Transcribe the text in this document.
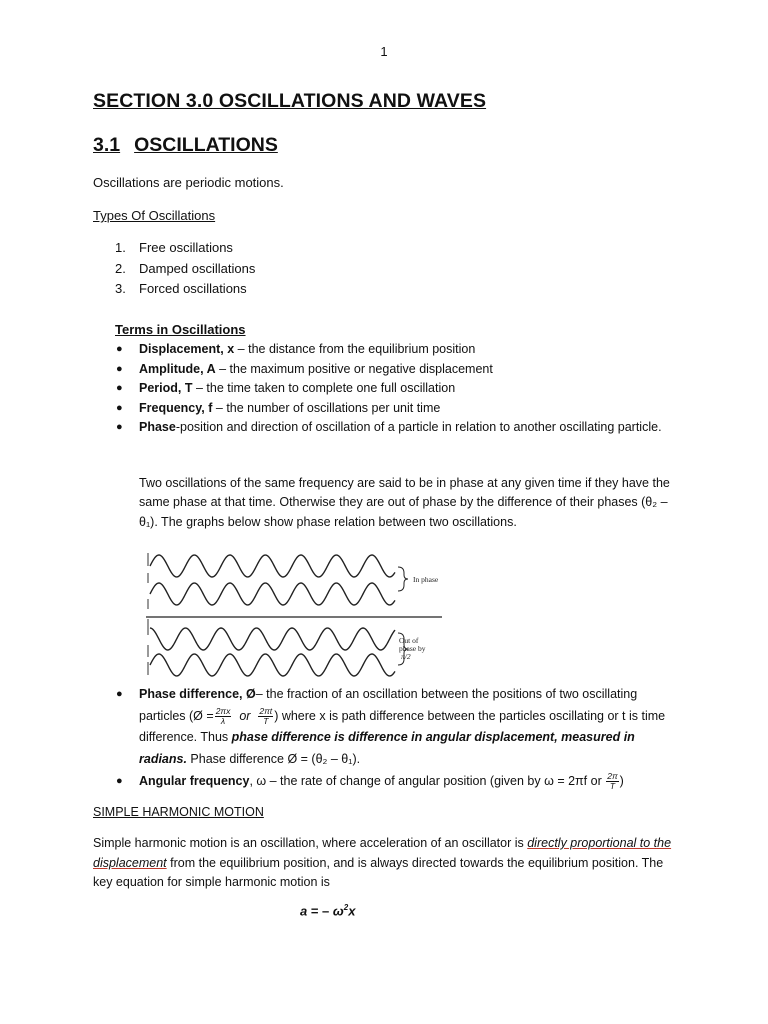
1
SECTION 3.0 OSCILLATIONS AND WAVES
3.1 OSCILLATIONS
Oscillations are periodic motions.
Types Of Oscillations
1. Free oscillations
2. Damped oscillations
3. Forced oscillations
Terms in Oscillations
● Displacement, x – the distance from the equilibrium position
● Amplitude, A – the maximum positive or negative displacement
● Period, T – the time taken to complete one full oscillation
● Frequency, f – the number of oscillations per unit time
● Phase-position and direction of oscillation of a particle in relation to another oscillating particle.
Two oscillations of the same frequency are said to be in phase at any given time if they have the same phase at that time. Otherwise they are out of phase by the difference of their phases (θ₂ – θ₁). The graphs below show phase relation between two oscillations.
In phase
Out of
phase by
π/2
● Phase difference, Ø– the fraction of an oscillation between the positions of two oscillating particles (Ø = $\frac{2\pi x}{\lambda}$ or $\frac{2\pi t}{T}$ ) where x is path difference between the particles oscillating or t is time difference. Thus phase difference is difference in angular displacement, measured in radians. Phase difference Ø = (θ₂ – θ₁).
● Angular frequency, ω – the rate of change of angular position (given by ω = 2πf or $\frac{2\pi}{T}$ )
SIMPLE HARMONIC MOTION
Simple harmonic motion is an oscillation, where acceleration of an oscillator is directly proportional to the displacement from the equilibrium position, and is always directed towards the equilibrium position. The key equation for simple harmonic motion is
a = – $\omega^2x$
